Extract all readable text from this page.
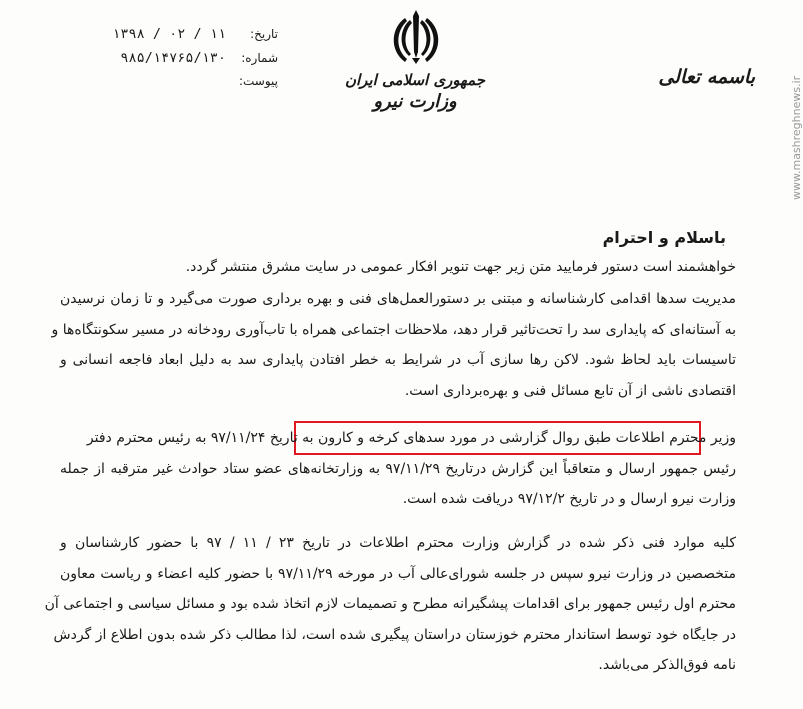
جمهوری اسلامی ایران
وزارت نیرو
باسمه تعالی
تاریخ:
۱۳۹۸ / ۰۲ / ۱۱
شماره:
۹۸۵/۱۴۷۶۵/۱۳۰
پیوست:	www.mashreghnews.ir
باسلام و احترام
خواهشمند است دستور فرمایید متن زیر جهت تنویر افکار عمومی در سایت مشرق منتشر گردد.
مدیریت سدها اقدامی کارشناسانه و مبتنی بر دستورالعمل‌های فنی و بهره برداری صورت می‌گیرد و تا زمان نرسیدن
به آستانه‌ای که پایداری سد را تحت‌تاثیر قرار دهد، ملاحظات اجتماعی همراه با تاب‌آوری رودخانه در مسیر سکونتگاه‌ها و
تاسیسات باید لحاظ شود. لاکن رها سازی آب در شرایط به خطر افتادن پایداری سد به دلیل ابعاد فاجعه انسانی و
اقتصادی ناشی از آن تابع مسائل فنی و بهره‌برداری است.
وزیر محترم اطلاعات طبق روال گزارشی در مورد سدهای کرخه و کارون به تاریخ ۹۷/۱۱/۲۴ به رئیس محترم دفتر
رئیس جمهور ارسال و متعاقباً این گزارش درتاریخ ۹۷/۱۱/۲۹ به وزارتخانه‌های عضو ستاد حوادث غیر مترقبه از جمله
وزارت نیرو ارسال و در تاریخ ۹۷/۱۲/۲ دریافت شده است.
کلیه موارد فنی ذکر شده در گزارش وزارت محترم اطلاعات در تاریخ ۲۳ / ۱۱ / ۹۷ با حضور کارشناسان و
متخصصین در وزارت نیرو سپس در جلسه شورای‌عالی آب در مورخه ۹۷/۱۱/۲۹ با حضور کلیه اعضاء و ریاست معاون
محترم اول رئیس جمهور برای اقدامات پیشگیرانه مطرح و تصمیمات لازم اتخاذ شده بود و مسائل سیاسی و اجتماعی آن
در جایگاه خود توسط استاندار محترم خوزستان دراستان پیگیری شده است، لذا مطالب ذکر شده بدون اطلاع از گردش
نامه فوق‌الذکر می‌باشد.
